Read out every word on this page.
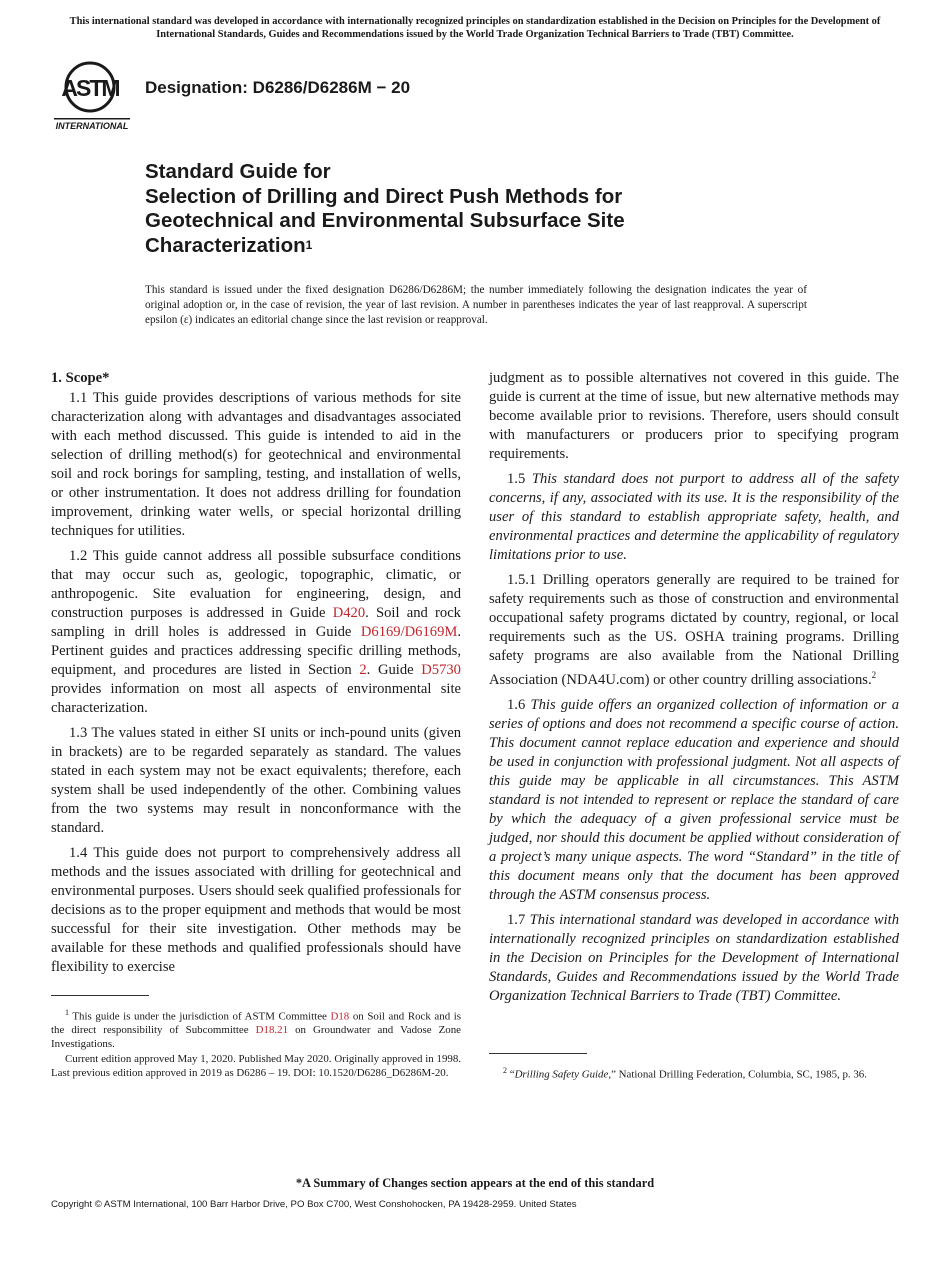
This international standard was developed in accordance with internationally recognized principles on standardization established in the Decision on Principles for the Development of International Standards, Guides and Recommendations issued by the World Trade Organization Technical Barriers to Trade (TBT) Committee.
ASTM
INTERNATIONAL
Designation: D6286/D6286M − 20
Standard Guide for
Selection of Drilling and Direct Push Methods for
Geotechnical and Environmental Subsurface Site
Characterization$^1$
This standard is issued under the fixed designation D6286/D6286M; the number immediately following the designation indicates the year of original adoption or, in the case of revision, the year of last revision. A number in parentheses indicates the year of last reapproval. A superscript epsilon (ε) indicates an editorial change since the last revision or reapproval.
1. Scope*

1.1 This guide provides descriptions of various methods for site characterization along with advantages and disadvantages associated with each method discussed. This guide is intended to aid in the selection of drilling method(s) for geotechnical and environmental soil and rock borings for sampling, testing, and installation of wells, or other instrumentation. It does not address drilling for foundation improvement, drinking water wells, or special horizontal drilling techniques for utilities.

1.2 This guide cannot address all possible subsurface conditions that may occur such as, geologic, topographic, climatic, or anthropogenic. Site evaluation for engineering, design, and construction purposes is addressed in Guide D420. Soil and rock sampling in drill holes is addressed in Guide D6169/D6169M. Pertinent guides and practices addressing specific drilling methods, equipment, and procedures are listed in Section 2. Guide D5730 provides information on most all aspects of environmental site characterization.

1.3 The values stated in either SI units or inch-pound units (given in brackets) are to be regarded separately as standard. The values stated in each system may not be exact equivalents; therefore, each system shall be used independently of the other. Combining values from the two systems may result in nonconformance with the standard.

1.4 This guide does not purport to comprehensively address all methods and the issues associated with drilling for geotechnical and environmental purposes. Users should seek qualified professionals for decisions as to the proper equipment and methods that would be most successful for their site investigation. Other methods may be available for these methods and qualified professionals should have flexibility to exercise

$^1$ This guide is under the jurisdiction of ASTM Committee D18 on Soil and Rock and is the direct responsibility of Subcommittee D18.21 on Groundwater and Vadose Zone Investigations.

Current edition approved May 1, 2020. Published May 2020. Originally approved in 1998. Last previous edition approved in 2019 as D6286 – 19. DOI: 10.1520/D6286_D6286M-20.

judgment as to possible alternatives not covered in this guide. The guide is current at the time of issue, but new alternative methods may become available prior to revisions. Therefore, users should consult with manufacturers or producers prior to specifying program requirements.

1.5 This standard does not purport to address all of the safety concerns, if any, associated with its use. It is the responsibility of the user of this standard to establish appropriate safety, health, and environmental practices and determine the applicability of regulatory limitations prior to use.

1.5.1 Drilling operators generally are required to be trained for safety requirements such as those of construction and environmental occupational safety programs dictated by country, regional, or local requirements such as the US. OSHA training programs. Drilling safety programs are also available from the National Drilling Association (NDA4U.com) or other country drilling associations.$^2$

1.6 This guide offers an organized collection of information or a series of options and does not recommend a specific course of action. This document cannot replace education and experience and should be used in conjunction with professional judgment. Not all aspects of this guide may be applicable in all circumstances. This ASTM standard is not intended to represent or replace the standard of care by which the adequacy of a given professional service must be judged, nor should this document be applied without consideration of a project’s many unique aspects. The word “Standard” in the title of this document means only that the document has been approved through the ASTM consensus process.

1.7 This international standard was developed in accordance with internationally recognized principles on standardization established in the Decision on Principles for the Development of International Standards, Guides and Recommendations issued by the World Trade Organization Technical Barriers to Trade (TBT) Committee.

$^2$ “Drilling Safety Guide,” National Drilling Federation, Columbia, SC, 1985, p. 36.

*A Summary of Changes section appears at the end of this standard
Copyright © ASTM International, 100 Barr Harbor Drive, PO Box C700, West Conshohocken, PA 19428-2959. United States
